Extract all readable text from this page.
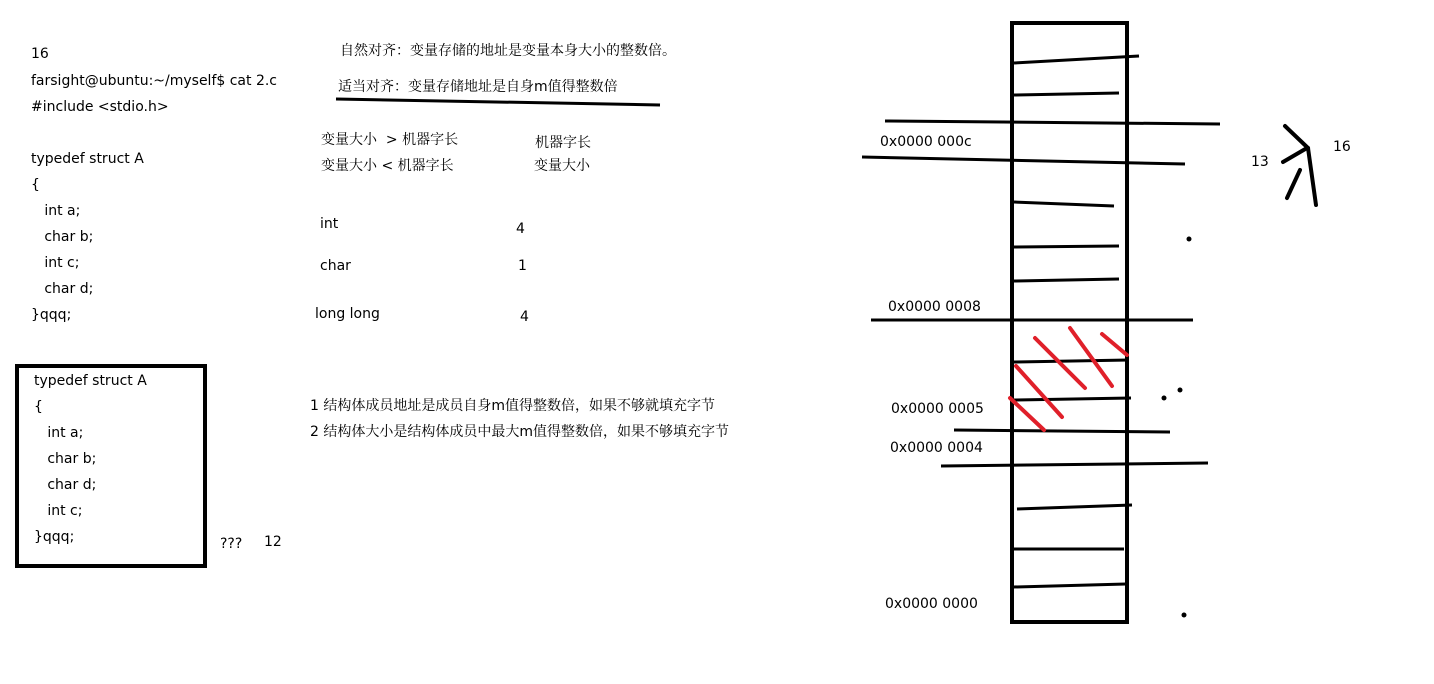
16
farsight@ubuntu:~/myself$ cat 2.c
#include <stdio.h>
typedef struct A
{
int a;
char b;
int c;
char d;
}qqq;
typedef struct A
{
int a;
char b;
char d;
int c;
}qqq;	??? 12
自然对齐：变量存储的地址是变量本身大小的整数倍。
适当对齐：变量存储地址是自身m值得整数倍
变量大小  > 机器字长	机器字长
变量大小 < 机器字长	变量大小
int	4
char	1
long long	4
1 结构体成员地址是成员自身m值得整数倍，如果不够就填充字节
2 结构体大小是结构体成员中最大m值得整数倍，如果不够填充字节
0x0000 000c
0x0000 0008
0x0000 0005
0x0000 0004
0x0000 0000
13
16
